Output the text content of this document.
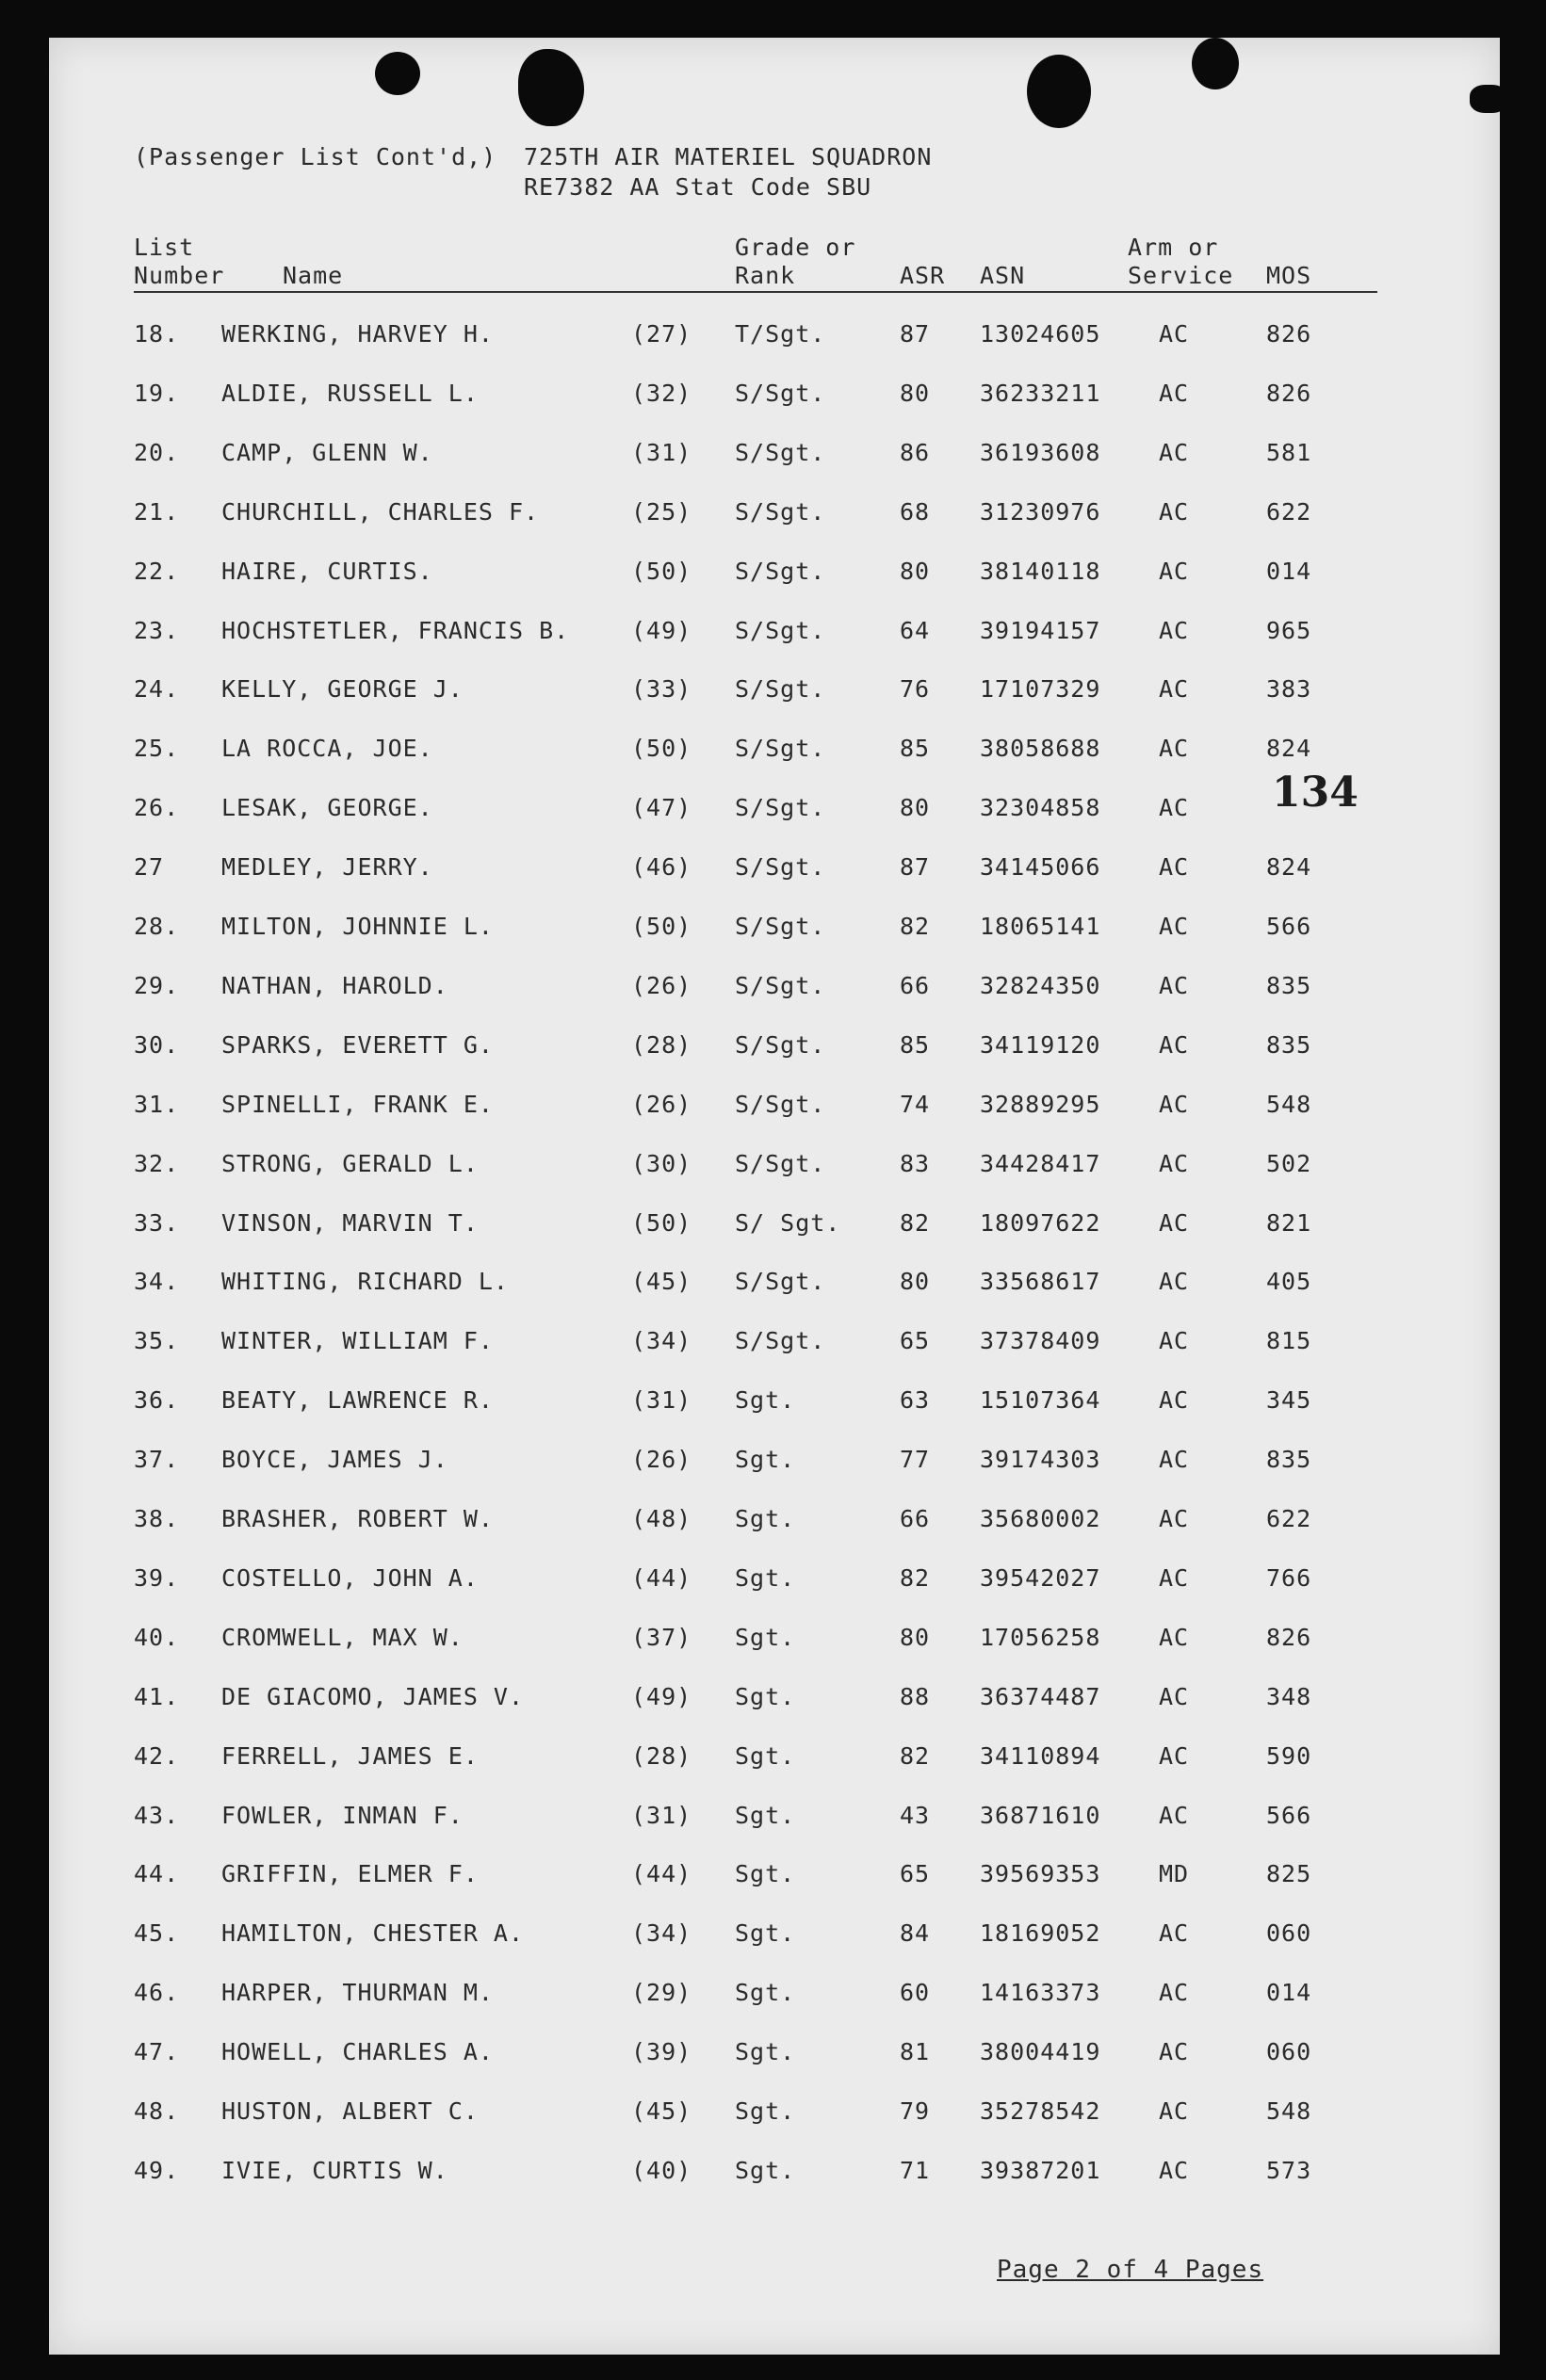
(Passenger List Cont'd,) 725TH AIR MATERIEL SQUADRON
RE7382 AA Stat Code SBU
List
Number Name
Grade or
Rank	ASR ASN
Arm or
Service MOS
18. WERKING, HARVEY H.	(27) T/Sgt.	87 13024605 AC	826
19. ALDIE, RUSSELL L.	(32) S/Sgt.	80 36233211 AC	826
20. CAMP, GLENN W.	(31) S/Sgt.	86 36193608 AC	581
21. CHURCHILL, CHARLES F.	(25) S/Sgt.	68 31230976 AC	622
22. HAIRE, CURTIS.	(50) S/Sgt.	80 38140118 AC	014
23. HOCHSTETLER, FRANCIS B.	(49) S/Sgt.	64 39194157 AC	965
24. KELLY, GEORGE J.	(33) S/Sgt.	76 17107329 AC	383
25. LA ROCCA, JOE.	(50) S/Sgt.	85 38058688 AC	824
26. LESAK, GEORGE.	(47) S/Sgt.	80 32304858 AC
27 MEDLEY, JERRY.	(46) S/Sgt.	87 34145066 AC	824
28. MILTON, JOHNNIE L.	(50) S/Sgt.	82 18065141 AC	566
29. NATHAN, HAROLD.	(26) S/Sgt.	66 32824350 AC	835
30. SPARKS, EVERETT G.	(28) S/Sgt.	85 34119120 AC	835
31. SPINELLI, FRANK E.	(26) S/Sgt.	74 32889295 AC	548
32. STRONG, GERALD L.	(30) S/Sgt.	83 34428417 AC	502
33. VINSON, MARVIN T.	(50) S/ Sgt.	82 18097622 AC	821
34. WHITING, RICHARD L.	(45) S/Sgt.	80 33568617 AC	405
35. WINTER, WILLIAM F.	(34) S/Sgt.	65 37378409 AC	815
36. BEATY, LAWRENCE R.	(31) Sgt.	63 15107364 AC	345
37. BOYCE, JAMES J.	(26) Sgt.	77 39174303 AC	835
38. BRASHER, ROBERT W.	(48) Sgt.	66 35680002 AC	622
39. COSTELLO, JOHN A.	(44) Sgt.	82 39542027 AC	766
40. CROMWELL, MAX W.	(37) Sgt.	80 17056258 AC	826
41. DE GIACOMO, JAMES V.	(49) Sgt.	88 36374487 AC	348
42. FERRELL, JAMES E.	(28) Sgt.	82 34110894 AC	590
43. FOWLER, INMAN F.	(31) Sgt.	43 36871610 AC	566
44. GRIFFIN, ELMER F.	(44) Sgt.	65 39569353 MD	825
45. HAMILTON, CHESTER A.	(34) Sgt.	84 18169052 AC	060
46. HARPER, THURMAN M.	(29) Sgt.	60 14163373 AC	014
47. HOWELL, CHARLES A.	(39) Sgt.	81 38004419 AC	060
48. HUSTON, ALBERT C.	(45) Sgt.	79 35278542 AC	548
49. IVIE, CURTIS W.	(40) Sgt.	71 39387201 AC	573
134
Page 2 of 4 Pages
